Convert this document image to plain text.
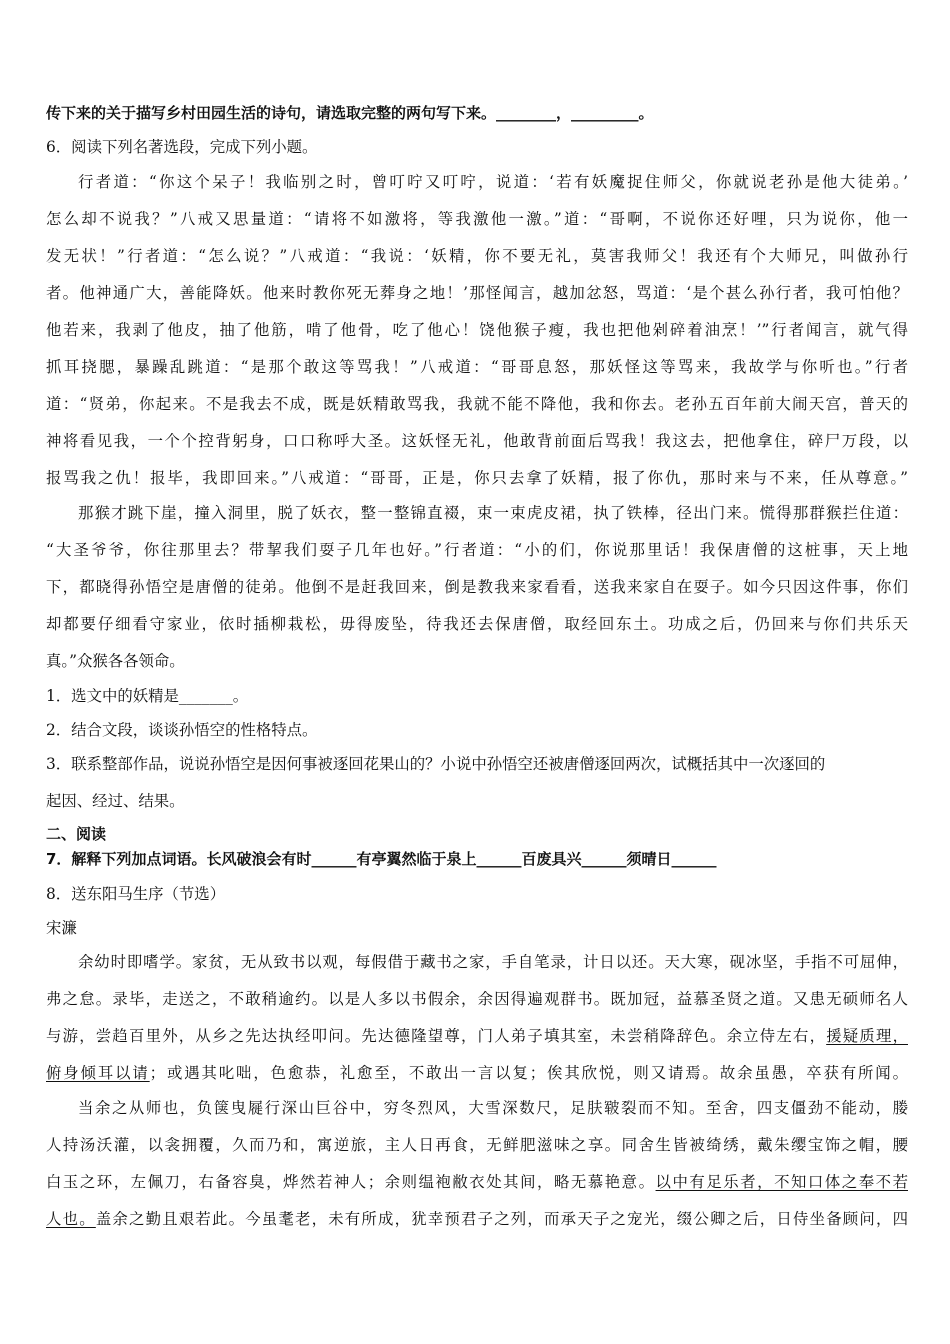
传下来的关于描写乡村田园生活的诗句，请选取完整的两句写下来。________，_________。
6．阅读下列名著选段，完成下列小题。
行者道：“你这个呆子！我临别之时，曾叮咛又叮咛，说道：‘若有妖魔捉住师父，你就说老孙是他大徒弟。’
怎么却不说我？”八戒又思量道：“请将不如激将，等我激他一激。”道：“哥啊，不说你还好哩，只为说你，他一
发无状！”行者道：“怎么说？”八戒道：“我说：‘妖精，你不要无礼，莫害我师父！我还有个大师兄，叫做孙行
者。他神通广大，善能降妖。他来时教你死无葬身之地！’那怪闻言，越加忿怒，骂道：‘是个甚么孙行者，我可怕他？
他若来，我剥了他皮，抽了他筋，啃了他骨，吃了他心！饶他猴子瘦，我也把他剁碎着油烹！’”行者闻言，就气得
抓耳挠腮，暴躁乱跳道：“是那个敢这等骂我！”八戒道：“哥哥息怒，那妖怪这等骂来，我故学与你听也。”行者
道：“贤弟，你起来。不是我去不成，既是妖精敢骂我，我就不能不降他，我和你去。老孙五百年前大闹天宫，普天的
神将看见我，一个个控背躬身，口口称呼大圣。这妖怪无礼，他敢背前面后骂我！我这去，把他拿住，碎尸万段，以
报骂我之仇！报毕，我即回来。”八戒道：“哥哥，正是，你只去拿了妖精，报了你仇，那时来与不来，任从尊意。”
那猴才跳下崖，撞入洞里，脱了妖衣，整一整锦直裰，束一束虎皮裙，执了铁棒，径出门来。慌得那群猴拦住道：
“大圣爷爷，你往那里去？带挈我们耍子几年也好。”行者道：“小的们，你说那里话！我保唐僧的这桩事，天上地
下，都晓得孙悟空是唐僧的徒弟。他倒不是赶我回来，倒是教我来家看看，送我来家自在耍子。如今只因这件事，你们
却都要仔细看守家业，依时插柳栽松，毋得废坠，待我还去保唐僧，取经回东土。功成之后，仍回来与你们共乐天
真。”众猴各各领命。
1．选文中的妖精是_______。
2．结合文段，谈谈孙悟空的性格特点。
3．联系整部作品，说说孙悟空是因何事被逐回花果山的？小说中孙悟空还被唐僧逐回两次，试概括其中一次逐回的
起因、经过、结果。
二、阅读
7．解释下列加点词语。长风破浪会有时______有亭翼然临于泉上______百废具兴______须晴日______
8．送东阳马生序（节选）
宋濂
余幼时即嗜学。家贫，无从致书以观，每假借于藏书之家，手自笔录，计日以还。天大寒，砚冰坚，手指不可屈伸，
弗之怠。录毕，走送之，不敢稍逾约。以是人多以书假余，余因得遍观群书。既加冠，益慕圣贤之道。又患无硕师名人
与游，尝趋百里外，从乡之先达执经叩问。先达德隆望尊，门人弟子填其室，未尝稍降辞色。余立侍左右，援疑质理，
俯身倾耳以请；或遇其叱咄，色愈恭，礼愈至，不敢出一言以复；俟其欣悦，则又请焉。故余虽愚，卒获有所闻。
当余之从师也，负箧曳屣行深山巨谷中，穷冬烈风，大雪深数尺，足肤皲裂而不知。至舍，四支僵劲不能动，媵
人持汤沃灌，以衾拥覆，久而乃和，寓逆旅，主人日再食，无鲜肥滋味之享。同舍生皆被绮绣，戴朱缨宝饰之帽，腰
白玉之环，左佩刀，右备容臭，烨然若神人；余则缊袍敝衣处其间，略无慕艳意。以中有足乐者，不知口体之奉不若
人也。盖余之勤且艰若此。今虽耄老，未有所成，犹幸预君子之列，而承天子之宠光，缀公卿之后，日侍坐备顾问，四
